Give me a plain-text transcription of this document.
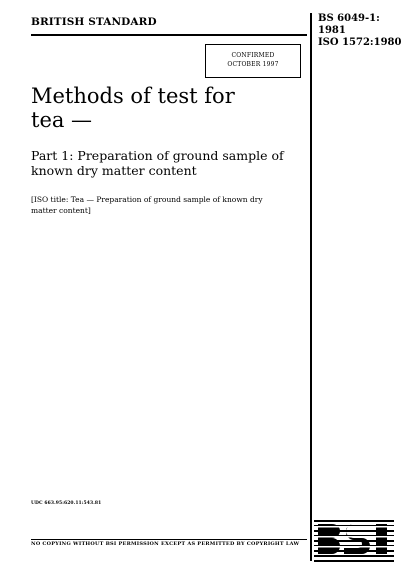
BRITISH STANDARD	BS 6049-1:
1981
ISO 1572:1980
CONFIRMED
OCTOBER 1997
Methods of test for
tea —
Part 1: Preparation of ground sample of
known dry matter content
[ISO title: Tea — Preparation of ground sample of known dry
matter content]
UDC 663.95:620.11:543.81
NO COPYING WITHOUT BSI PERMISSION EXCEPT AS PERMITTED BY COPYRIGHT LAW
